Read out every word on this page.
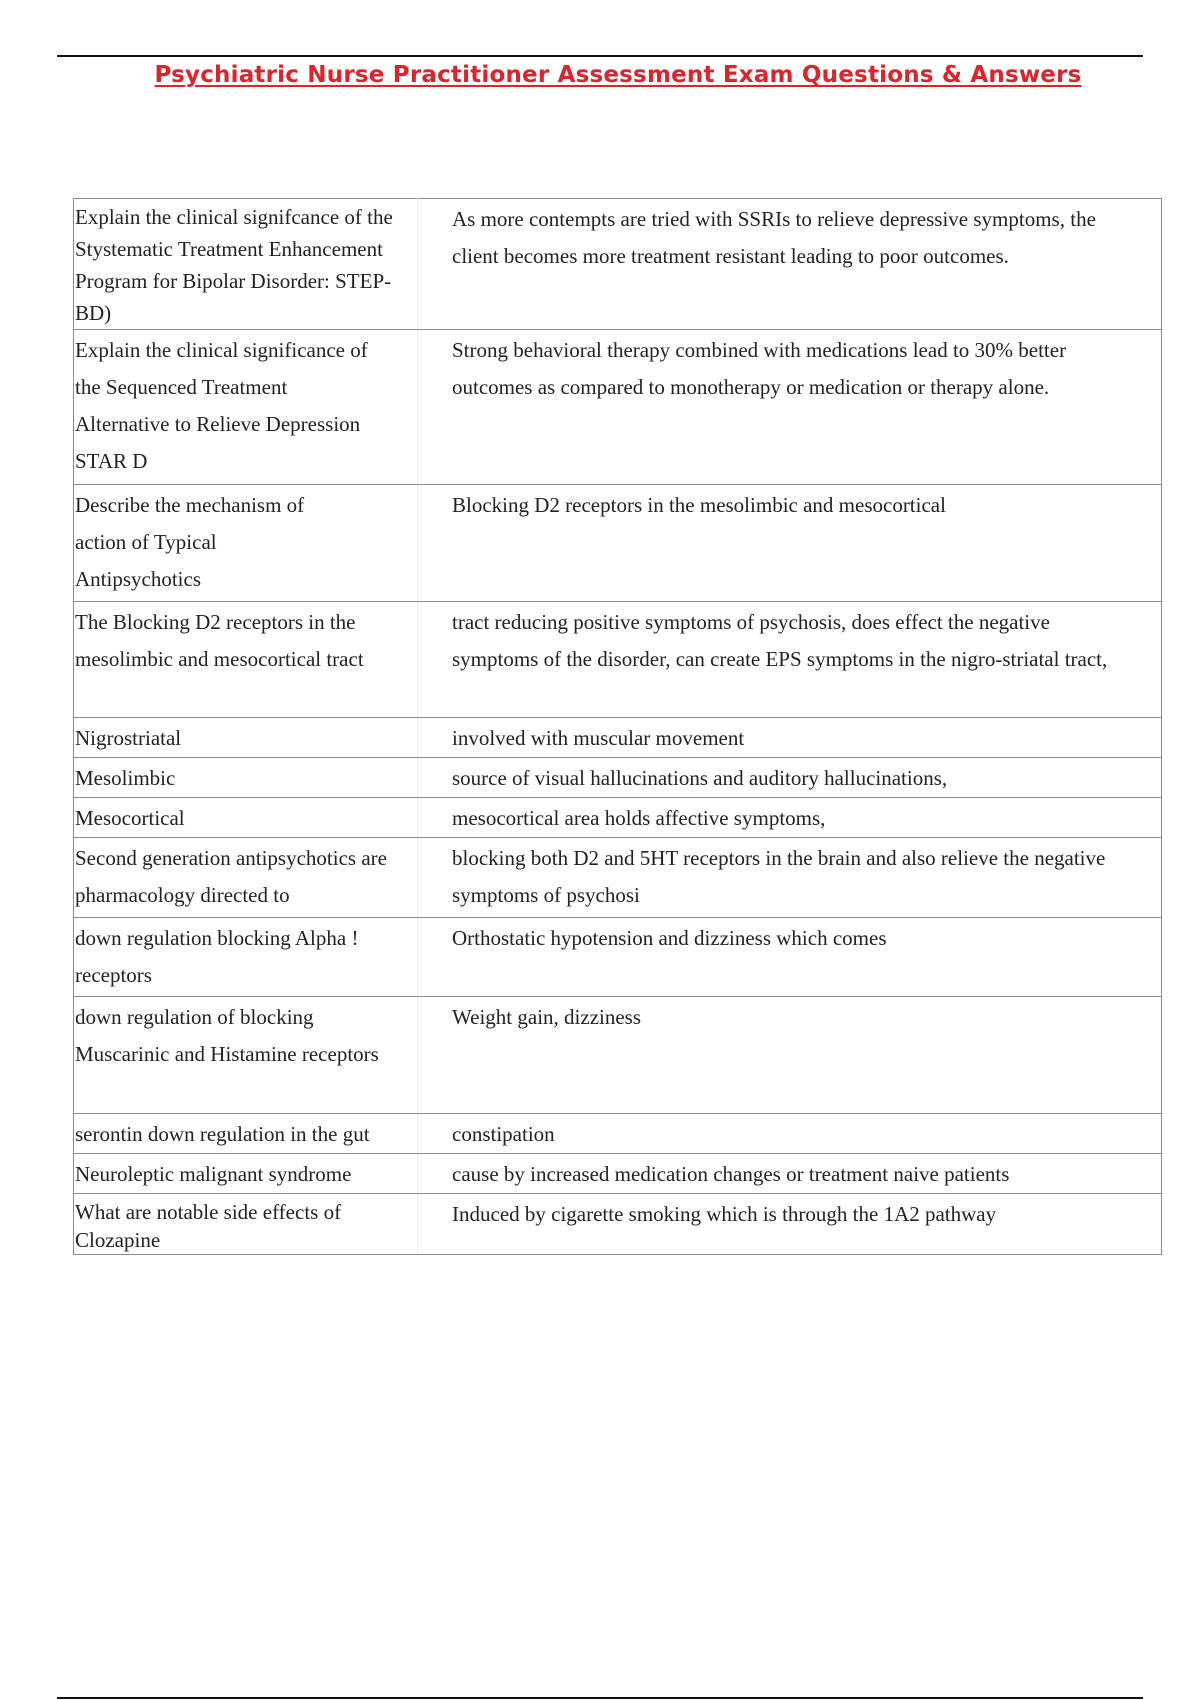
Psychiatric Nurse Practitioner Assessment Exam Questions & Answers
Explain the clinical signifcance of the Stystematic Treatment Enhancement Program for Bipolar Disorder: STEP-BD)	As more contempts are tried with SSRIs to relieve depressive symptoms, the client becomes more treatment resistant leading to poor outcomes.

Explain the clinical significance of the Sequenced Treatment Alternative to Relieve Depression STAR D	Strong behavioral therapy combined with medications lead to 30% better outcomes as compared to monotherapy or medication or therapy alone.

Describe the mechanism of action of Typical Antipsychotics	Blocking D2 receptors in the mesolimbic and mesocortical

The Blocking D2 receptors in the mesolimbic and mesocortical tract	tract reducing positive symptoms of psychosis, does effect the negative symptoms of the disorder, can create EPS symptoms in the nigro-striatal tract,

Nigrostriatal	involved with muscular movement

Mesolimbic	source of visual hallucinations and auditory hallucinations,

Mesocortical	mesocortical area holds affective symptoms,

Second generation antipsychotics are pharmacology directed to	blocking both D2 and 5HT receptors in the brain and also relieve the negative symptoms of psychosi

down regulation blocking Alpha ! receptors	Orthostatic hypotension and dizziness which comes

down regulation of blocking Muscarinic and Histamine receptors	Weight gain, dizziness

serontin down regulation in the gut	constipation

Neuroleptic malignant syndrome	cause by increased medication changes or treatment naive patients

What are notable side effects of Clozapine	Induced by cigarette smoking which is through the 1A2 pathway
